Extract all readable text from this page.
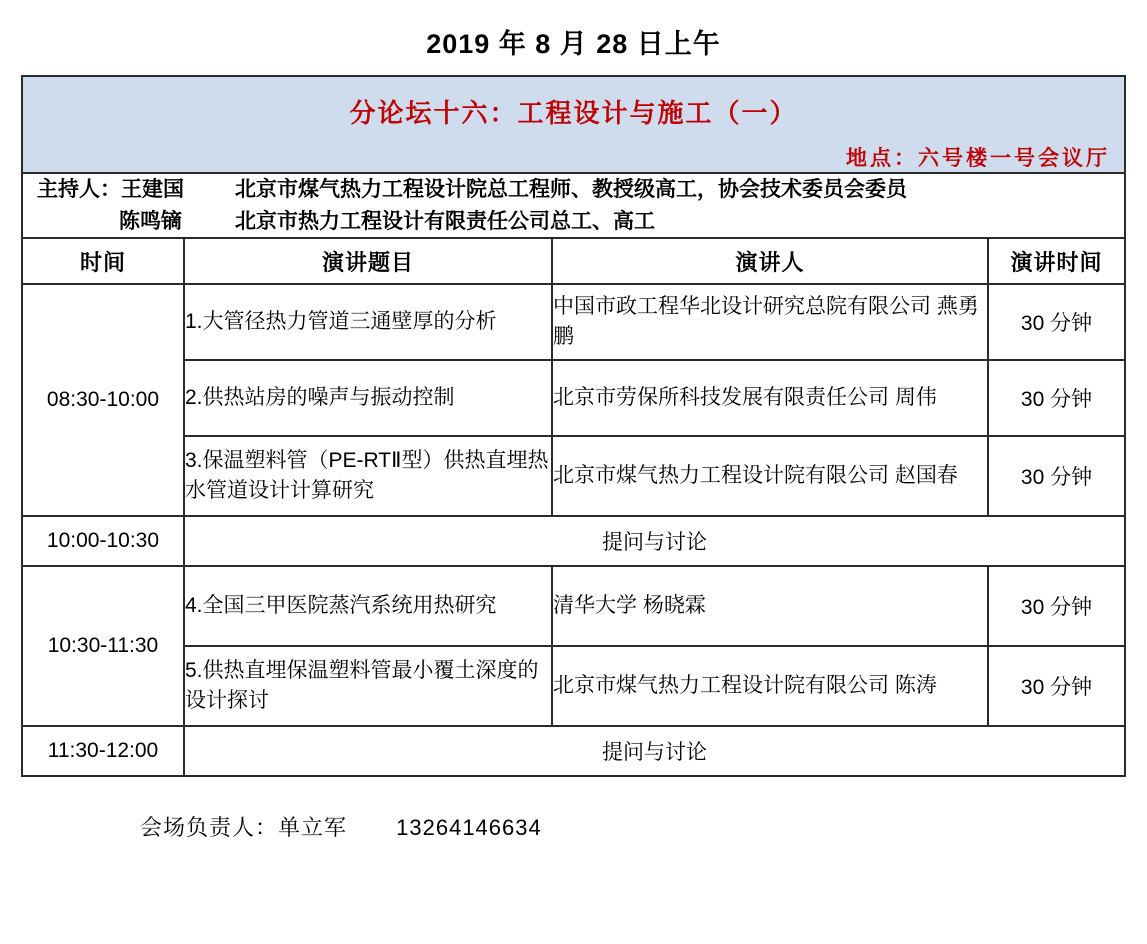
2019 年 8 月 28 日上午
分论坛十六：工程设计与施工（一）
地点：六号楼一号会议厅			

主持人：王建国 北京市煤气热力工程设计院总工程师、教授级高工，协会技术委员会委员
陈鸣镝 北京市热力工程设计有限责任公司总工、高工			

时间	演讲题目	演讲人	演讲时间
08:30-10:00	1.大管径热力管道三通壁厚的分析	中国市政工程华北设计研究总院有限公司 燕勇鹏	30 分钟
	2.供热站房的噪声与振动控制	北京市劳保所科技发展有限责任公司 周伟	30 分钟
	3.保温塑料管（PE-RTⅡ型）供热直埋热水管道设计计算研究	北京市煤气热力工程设计院有限公司 赵国春	30 分钟
10:00-10:30	提问与讨论		
10:30-11:30	4.全国三甲医院蒸汽系统用热研究	清华大学 杨晓霖	30 分钟
	5.供热直埋保温塑料管最小覆土深度的设计探讨	北京市煤气热力工程设计院有限公司 陈涛	30 分钟
11:30-12:00	提问与讨论		
会场负责人：单立军 13264146634
